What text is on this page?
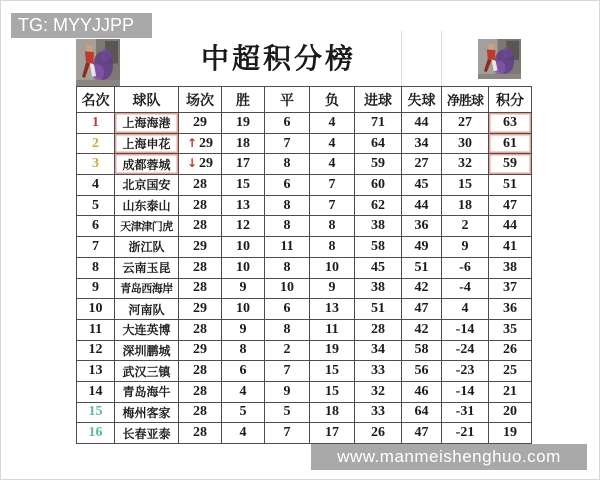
TG: MYYJJPP
中超积分榜
名次	球队	场次	胜	平	负	进球	失球	净胜球	积分
1	上海海港	29	19	6	4	71	44	27	63
2	上海申花	↑ 29	18	7	4	64	34	30	61
3	成都蓉城	↓ 29	17	8	4	59	27	32	59
4	北京国安	28	15	6	7	60	45	15	51
5	山东泰山	28	13	8	7	62	44	18	47
6	天津津门虎	28	12	8	8	38	36	2	44
7	浙江队	29	10	11	8	58	49	9	41
8	云南玉昆	28	10	8	10	45	51	-6	38
9	青岛西海岸	28	9	10	9	38	42	-4	37
10	河南队	29	10	6	13	51	47	4	36
11	大连英博	28	9	8	11	28	42	-14	35
12	深圳鹏城	29	8	2	19	34	58	-24	26
13	武汉三镇	28	6	7	15	33	56	-23	25
14	青岛海牛	28	4	9	15	32	46	-14	21
15	梅州客家	28	5	5	18	33	64	-31	20
16	长春亚泰	28	4	7	17	26	47	-21	19
www.manmeishenghuo.com
